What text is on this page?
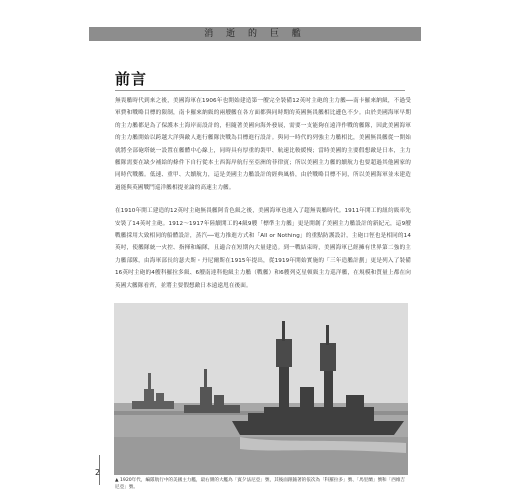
消 逝 的 巨 艦
前言

無畏艦時代到來之後，美國海軍在1906年也開始建造第一艘完全裝備12英吋主砲的主力艦──南卡羅來納級，不過受軍費和戰略目標的限制，南卡羅來納級的兩艘艦在各方面都與同時期的英國無畏艦相比遜色不少。由於美國海軍早期的主力艦都是為了保護本土海岸而設計的，但隨著美國向海外發展，需要一支能夠在遠洋作戰的艦隊，因此美國海軍的主力艦開始以跨越大洋與敵人進行艦隊決戰為目標進行設計。與同一時代的列強主力艦相比，美國無畏艦從一開始就將全部砲塔統一設置在艦體中心線上，同時具有厚重的裝甲、航速比較緩慢；當時美國的主要假想敵是日本，主力艦隊需要在缺少補給的條件下自行從本土西海岸航行至亞洲的菲律賓；所以美國主力艦的續航力也要超過其他國家的同時代戰艦。低速、重甲、大續航力，這是美國主力艦設計的經典風格，由於戰略目標不同，所以美國海軍並未建造過能與英國戰鬥巡洋艦相提並論的高速主力艦。

在1910年開工建造的12英吋主砲無畏艦阿肯色級之後，美國海軍也進入了超無畏艦時代。1911年開工的紐約級率先安裝了14英吋主砲。1912～1917年陸續開工的4級9艘「標準主力艦」更是開創了美國主力艦設計的新紀元，這9艘戰艦採用大致相同的船體設計，蒸汽──電力推進方式和「All or Nothing」的重點防護設計，主砲口徑也是相同的14英吋，使艦隊統一火控、指揮和編隊，且適合在短期內大量建造。到一戰結束時，美國海軍已經擁有世界第二強的主力艦部隊，由海軍部長約瑟夫斯・丹尼爾斯在1915年提出，從1919年開始實施的「三年造艦計劃」更是列入了裝備16英吋主砲的4艘科羅拉多級、6艘南達科他級主力艦（戰艦）和6艘列克星頓級主力巡洋艦，在規模和質量上都在向英國大艦隊看齊，並將主要假想敵日本遠遠甩在後面。

▲ 1920年代，編隊航行中的美國主力艦，最右側的大艦為「賓夕法尼亞」號，其後面跟隨著的依次為「科羅拉多」號、「馬里蘭」號和「西維吉尼亞」號。
2
